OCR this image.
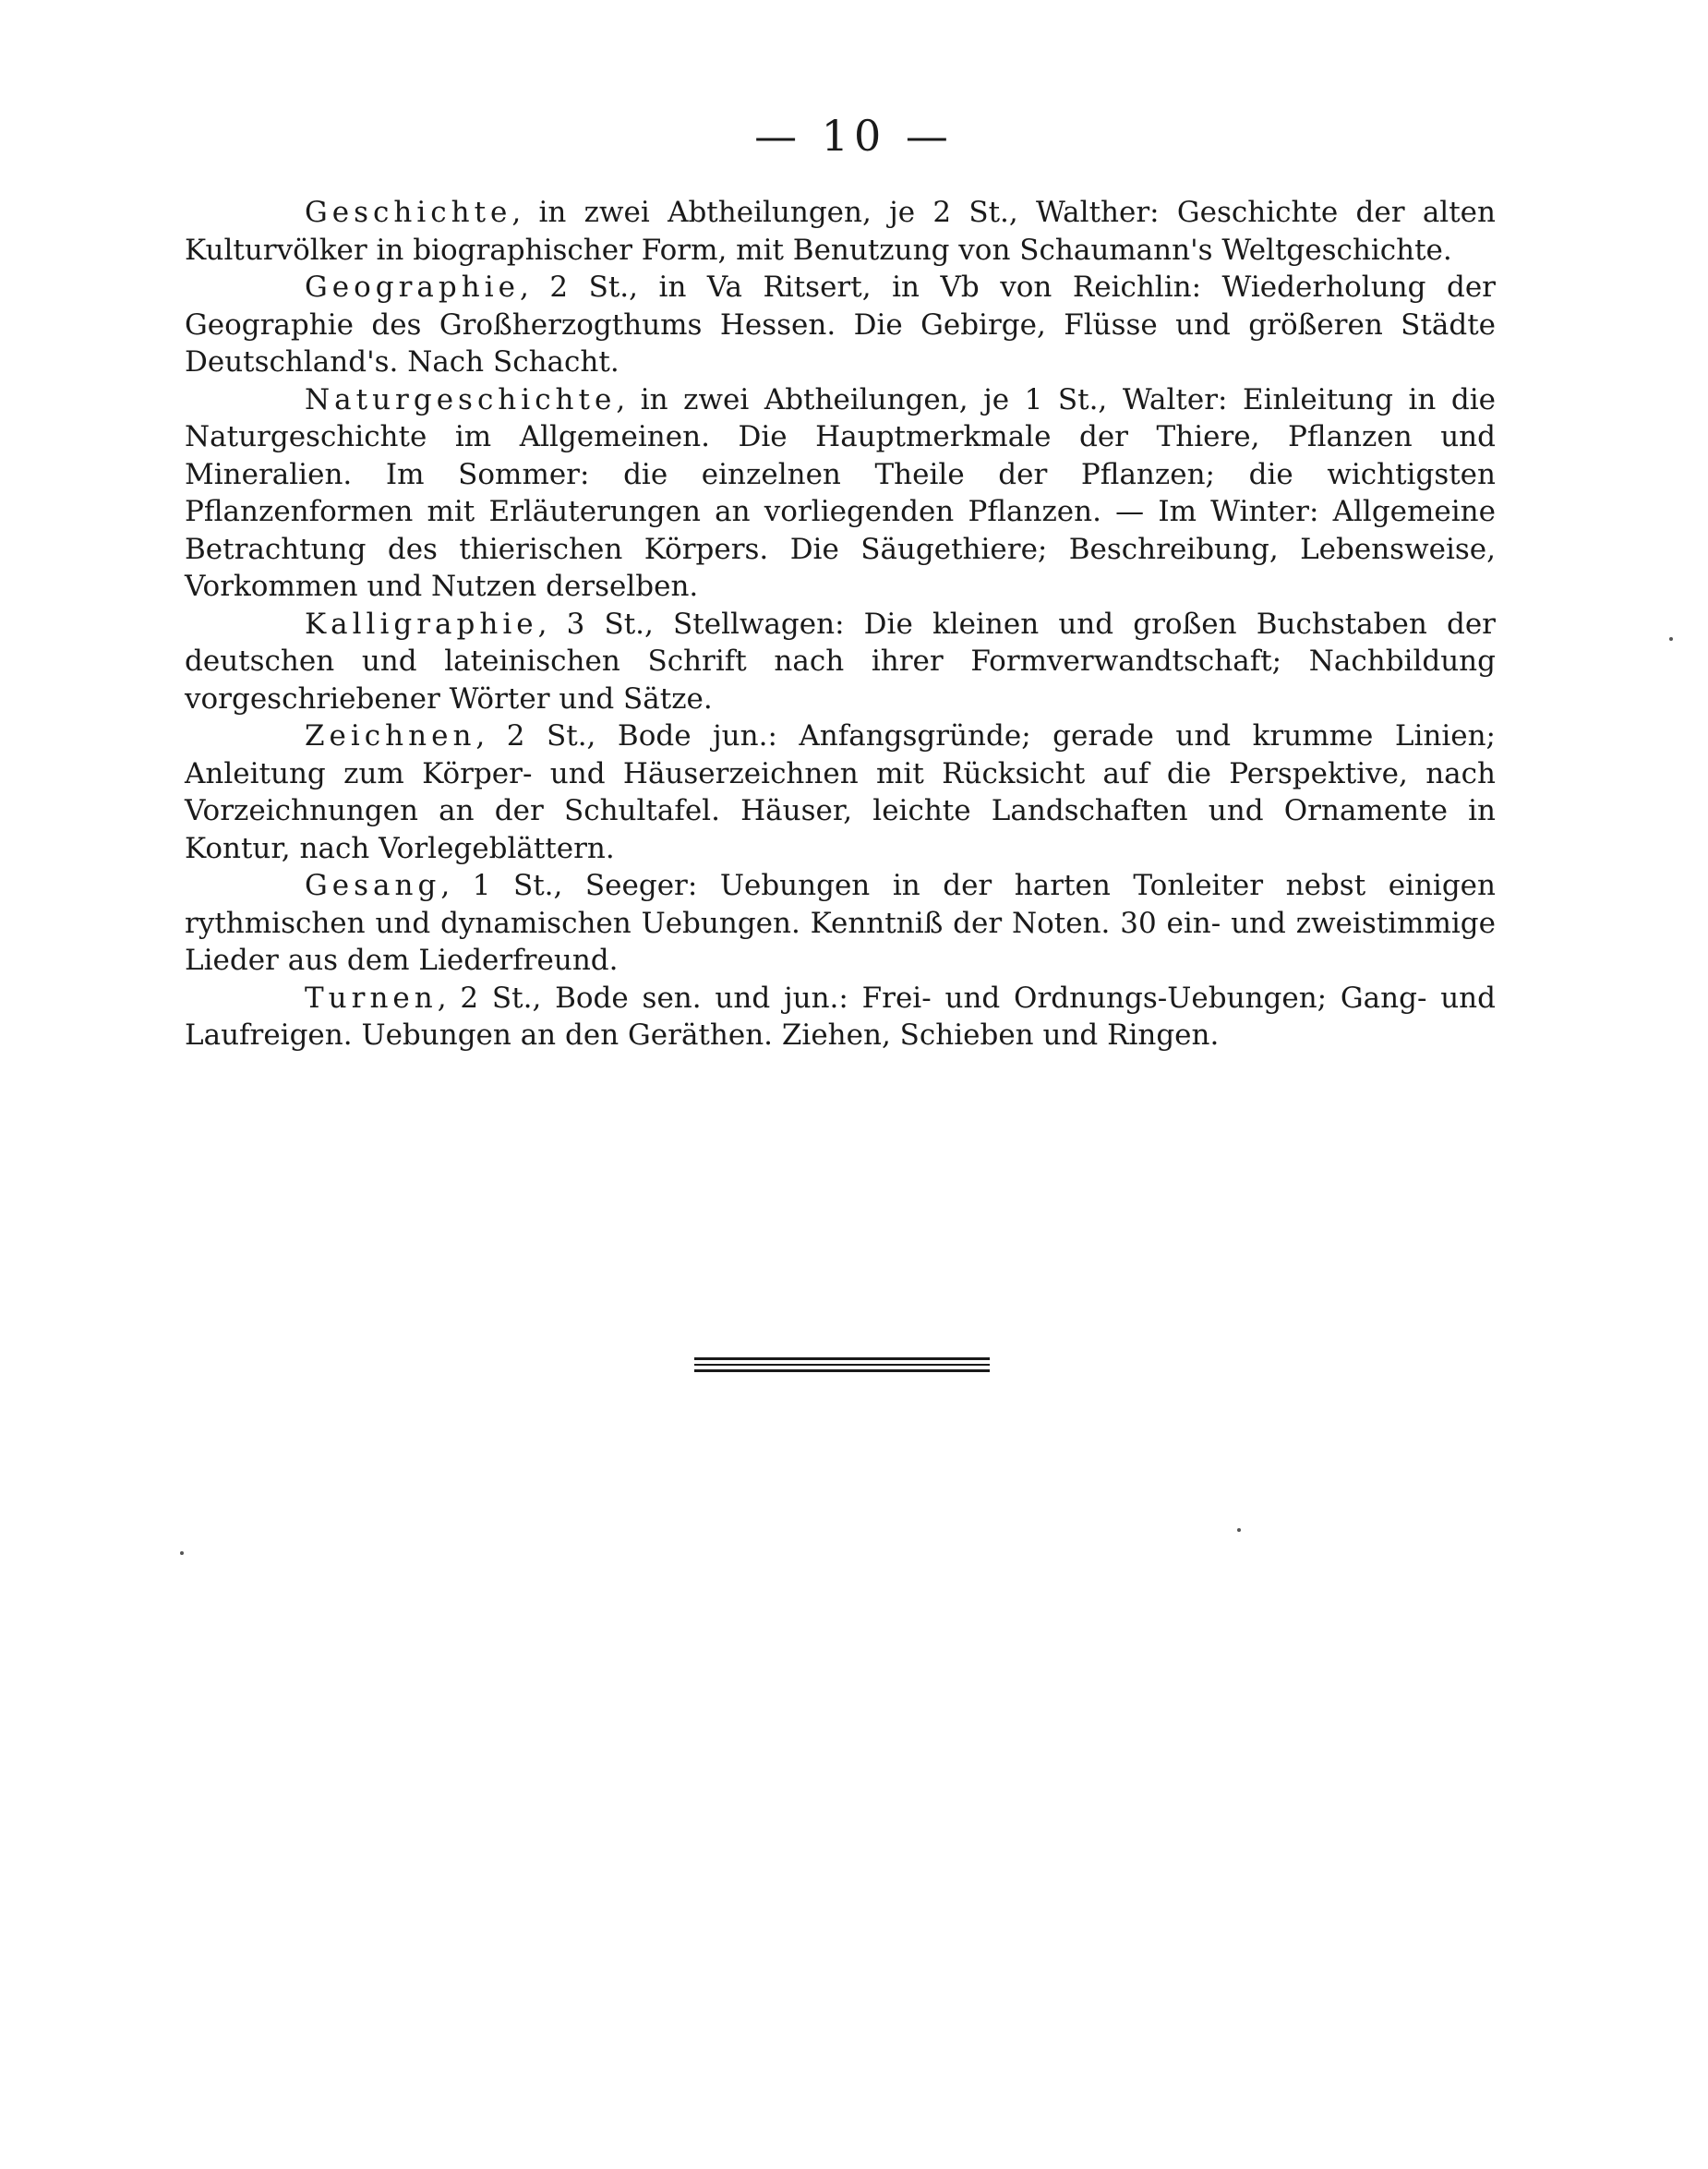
— 10 —

Geschichte, in zwei Abtheilungen, je 2 St., Walther: Geschichte der alten Kulturvölker in biographischer Form, mit Benutzung von Schaumann's Weltgeschichte.

Geographie, 2 St., in Va Ritsert, in Vb von Reichlin: Wiederholung der Geographie des Großherzogthums Hessen. Die Gebirge, Flüsse und größeren Städte Deutschland's. Nach Schacht.

Naturgeschichte, in zwei Abtheilungen, je 1 St., Walter: Einleitung in die Naturgeschichte im Allgemeinen. Die Hauptmerkmale der Thiere, Pflanzen und Mineralien. Im Sommer: die einzelnen Theile der Pflanzen; die wichtigsten Pflanzenformen mit Erläuterungen an vorliegenden Pflanzen. — Im Winter: Allgemeine Betrachtung des thierischen Körpers. Die Säugethiere; Beschreibung, Lebensweise, Vorkommen und Nutzen derselben.

Kalligraphie, 3 St., Stellwagen: Die kleinen und großen Buchstaben der deutschen und lateinischen Schrift nach ihrer Formverwandtschaft; Nachbildung vorgeschriebener Wörter und Sätze.

Zeichnen, 2 St., Bode jun.: Anfangsgründe; gerade und krumme Linien; Anleitung zum Körper- und Häuserzeichnen mit Rücksicht auf die Perspektive, nach Vorzeichnungen an der Schultafel. Häuser, leichte Landschaften und Ornamente in Kontur, nach Vorlegeblättern.

Gesang, 1 St., Seeger: Uebungen in der harten Tonleiter nebst einigen rythmischen und dynamischen Uebungen. Kenntniß der Noten. 30 ein- und zweistimmige Lieder aus dem Liederfreund.

Turnen, 2 St., Bode sen. und jun.: Frei- und Ordnungs-Uebungen; Gang- und Laufreigen. Uebungen an den Geräthen. Ziehen, Schieben und Ringen.
